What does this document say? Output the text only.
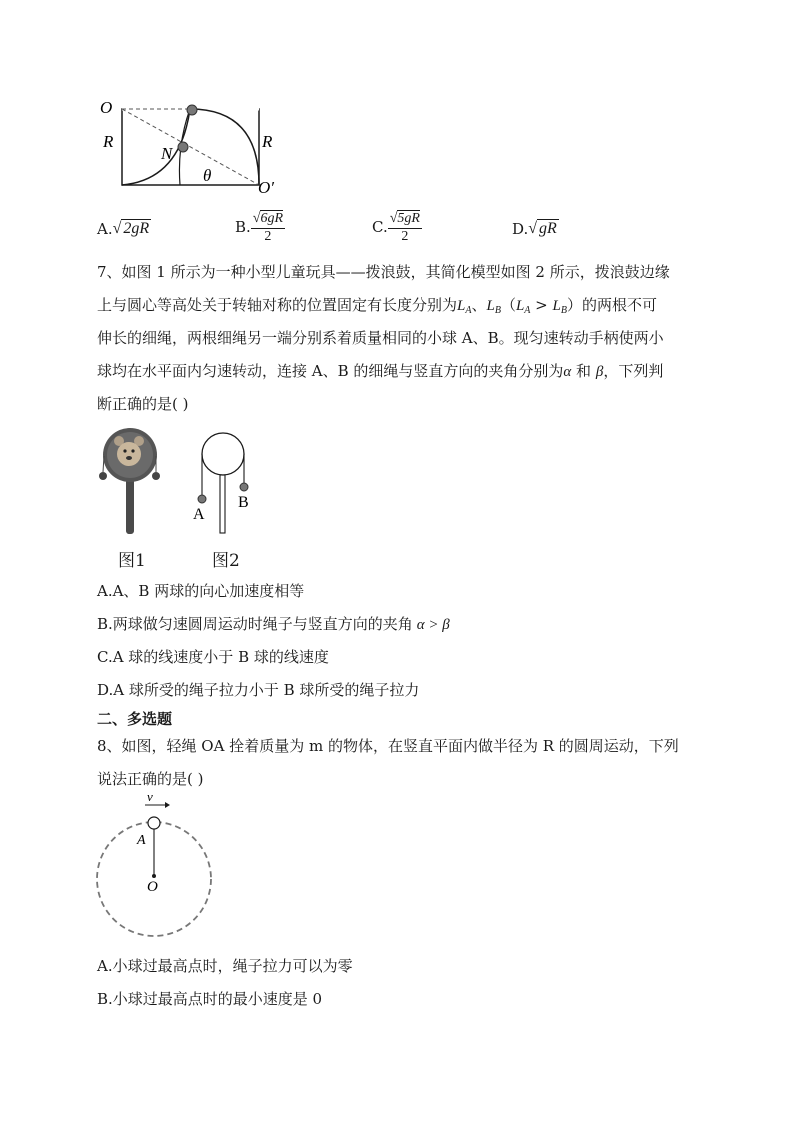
O
R	R
N
θ
O′
A. √ 2gR	B. $\frac{√6gR}{2}$	C. $\frac{√5gR}{2}$	D. √ gR
7、如图 1 所示为一种小型儿童玩具——拨浪鼓，其简化模型如图 2 所示，拨浪鼓边缘
上与圆心等高处关于转轴对称的位置固定有长度分别为$L_A$、$L_B(L_A > L_B)$的两根不可
伸长的细绳，两根细绳另一端分别系着质量相同的小球 A、B。现匀速转动手柄使两小
球均在水平面内匀速转动，连接 A、B 的细绳与竖直方向的夹角分别为α 和 β，下列判
断正确的是( )
A
B
图1	图2
A.A、B 两球的向心加速度相等
B.两球做匀速圆周运动时绳子与竖直方向的夹角 α > β
C.A 球的线速度小于 B 球的线速度
D.A 球所受的绳子拉力小于 B 球所受的绳子拉力
二、多选题
8、如图，轻绳 OA 拴着质量为 m 的物体，在竖直平面内做半径为 R 的圆周运动，下列
说法正确的是( )
v
A
O
A.小球过最高点时，绳子拉力可以为零
B.小球过最高点时的最小速度是 0
